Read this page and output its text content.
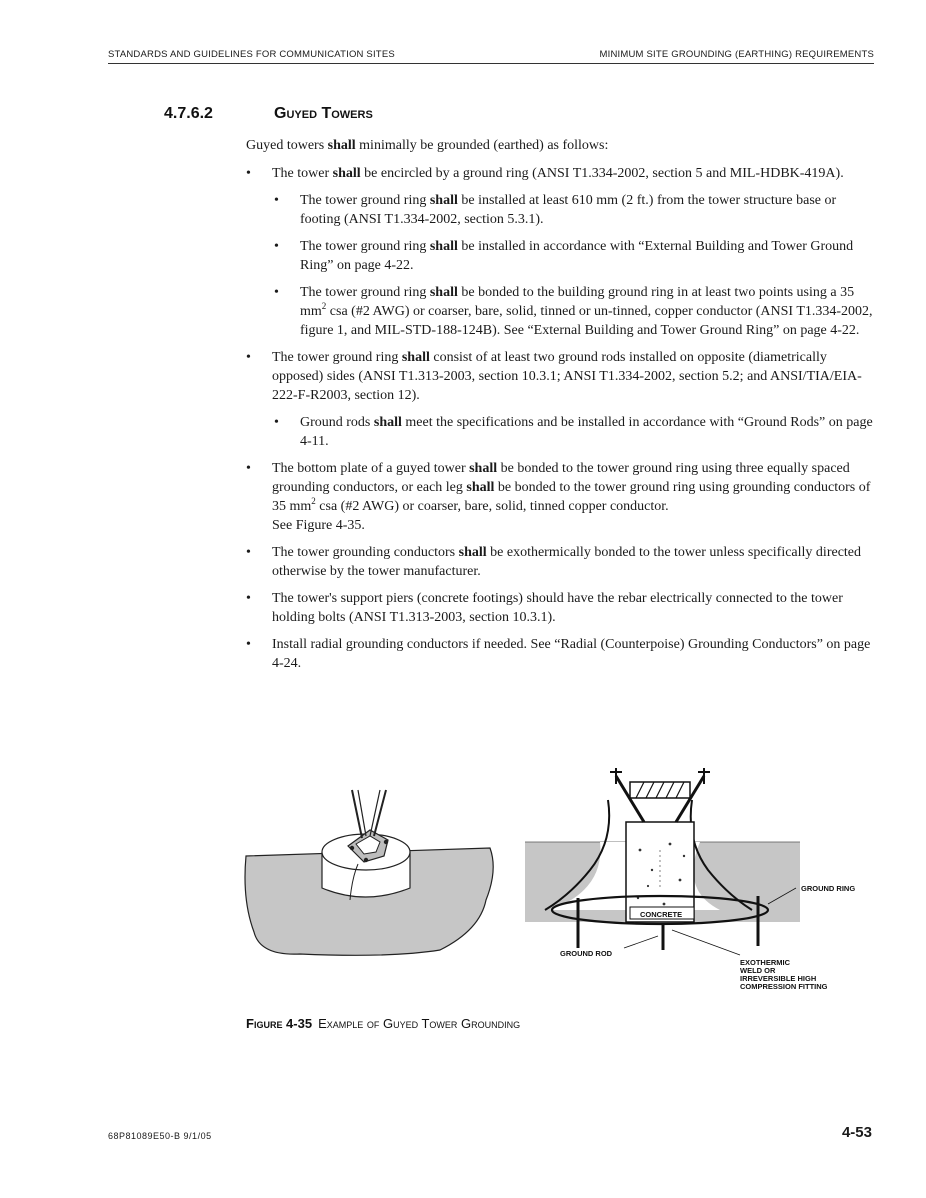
STANDARDS AND GUIDELINES FOR COMMUNICATION SITES	MINIMUM SITE GROUNDING (EARTHING) REQUIREMENTS
4.7.6.2	Guyed Towers

Guyed towers shall minimally be grounded (earthed) as follows:

• The tower shall be encircled by a ground ring (ANSI T1.334-2002, section 5 and MIL-HDBK-419A).
• The tower ground ring shall be installed at least 610 mm (2 ft.) from the tower structure base or footing (ANSI T1.334-2002, section 5.3.1).
• The tower ground ring shall be installed in accordance with “External Building and Tower Ground Ring” on page 4-22.
• The tower ground ring shall be bonded to the building ground ring in at least two points using a 35 $mm^2$ csa (#2 AWG) or coarser, bare, solid, tinned or un-tinned, copper conductor (ANSI T1.334-2002, figure 1, and MIL-STD-188-124B). See “External Building and Tower Ground Ring” on page 4-22.
• The tower ground ring shall consist of at least two ground rods installed on opposite (diametrically opposed) sides (ANSI T1.313-2003, section 10.3.1; ANSI T1.334-2002, section 5.2; and ANSI/TIA/EIA-222-F-R2003, section 12).
• Ground rods shall meet the specifications and be installed in accordance with “Ground Rods” on page 4-11.
• The bottom plate of a guyed tower shall be bonded to the tower ground ring using three equally spaced grounding conductors, or each leg shall be bonded to the tower ground ring using grounding conductors of 35 $mm^2$ csa (#2 AWG) or coarser, bare, solid, tinned copper conductor.
See Figure 4-35.
• The tower grounding conductors shall be exothermically bonded to the tower unless specifically directed otherwise by the tower manufacturer.
• The tower's support piers (concrete footings) should have the rebar electrically connected to the tower holding bolts (ANSI T1.313-2003, section 10.3.1).
• Install radial grounding conductors if needed. See “Radial (Counterpoise) Grounding Conductors” on page 4-24.
GROUND RING
CONCRETE
GROUND ROD
EXOTHERMIC
WELD OR
IRREVERSIBLE HIGH
COMPRESSION FITTING
Figure 4-35 Example of Guyed Tower Grounding
68P81089E50-B 9/1/05	4-53
